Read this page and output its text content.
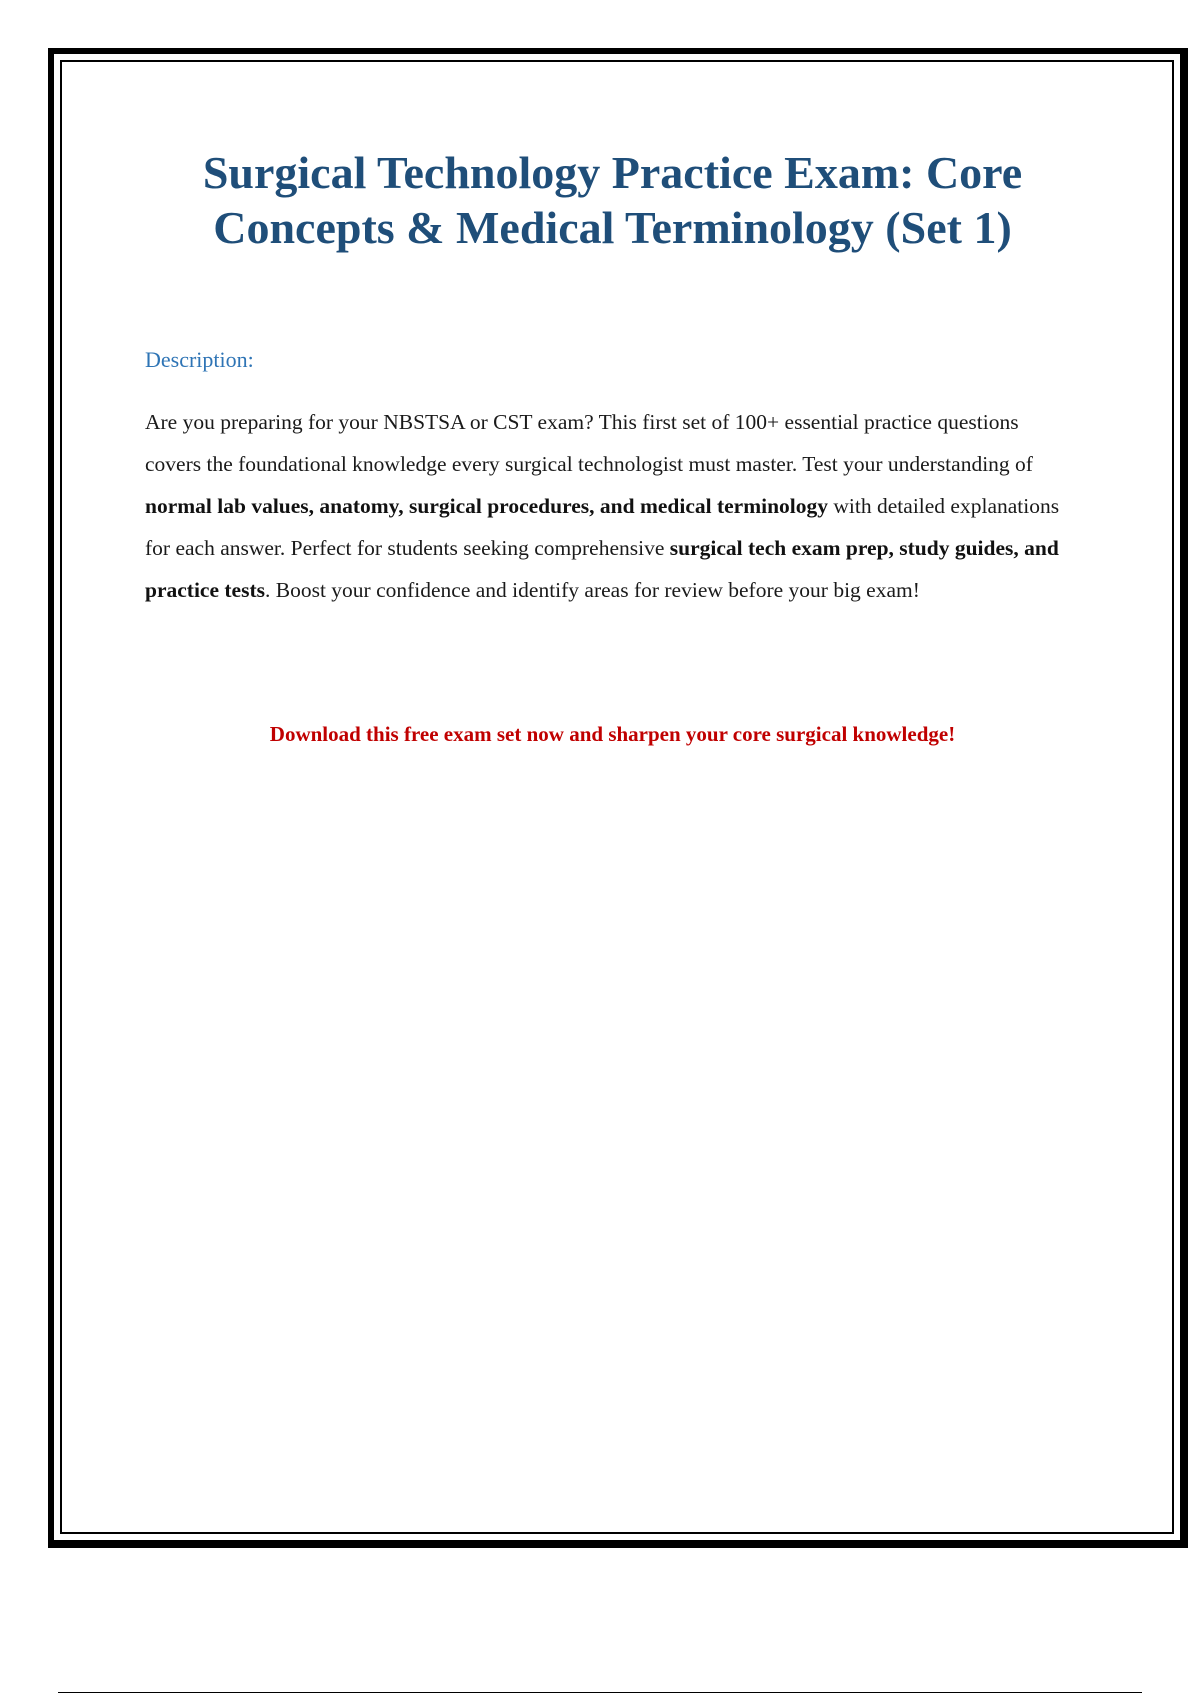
Surgical Technology Practice Exam: Core Concepts & Medical Terminology (Set 1)

Description:

Are you preparing for your NBSTSA or CST exam? This first set of 100+ essential practice questions covers the foundational knowledge every surgical technologist must master. Test your understanding of normal lab values, anatomy, surgical procedures, and medical terminology with detailed explanations for each answer. Perfect for students seeking comprehensive surgical tech exam prep, study guides, and practice tests. Boost your confidence and identify areas for review before your big exam!

Download this free exam set now and sharpen your core surgical knowledge!
